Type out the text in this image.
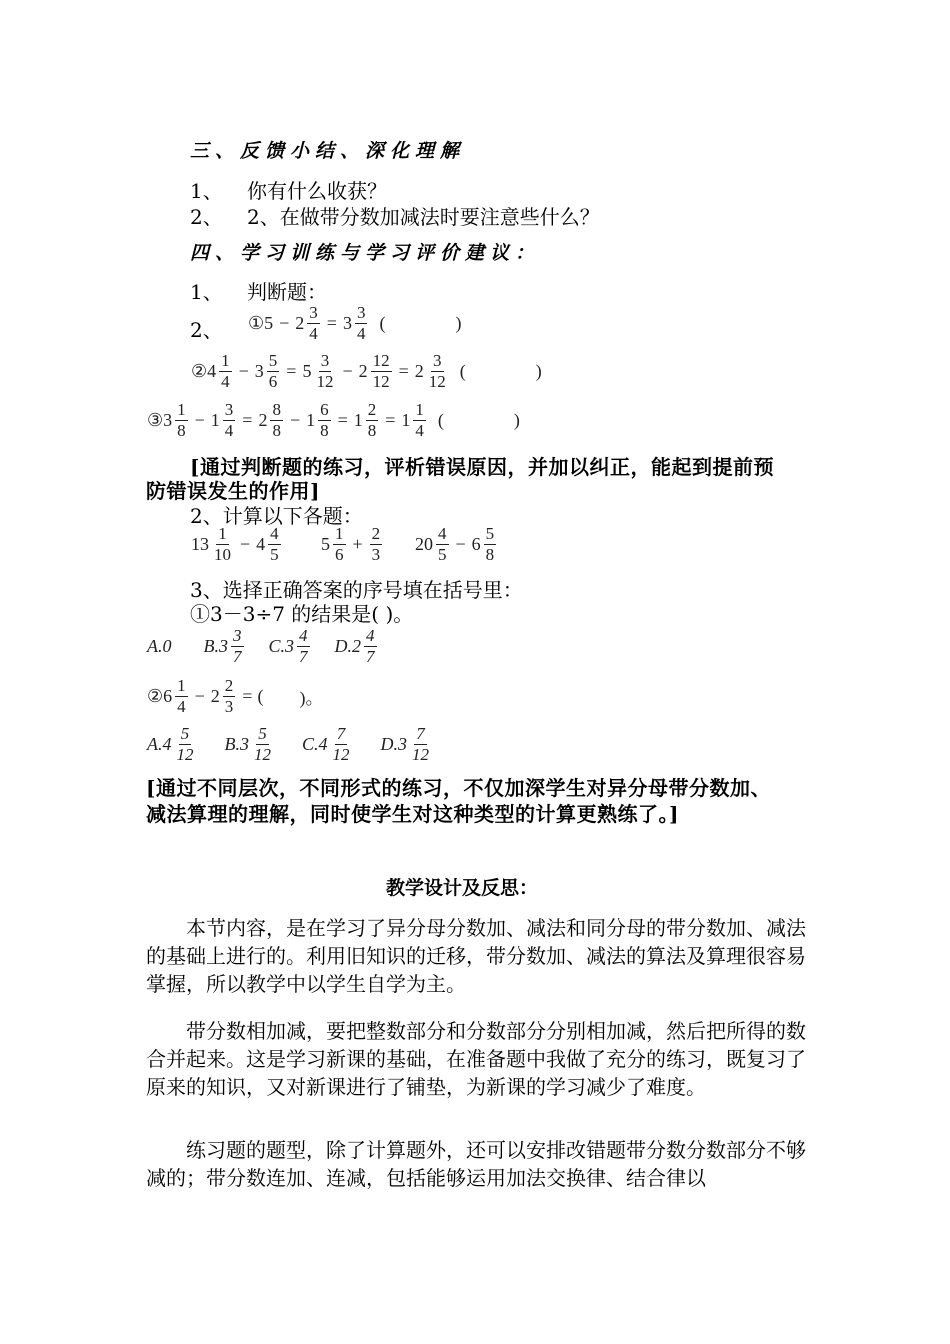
三、反馈小结、深化理解
1、 你有什么收获？
2、 2、在做带分数加减法时要注意些什么？
四、学习训练与学习评价建议：
1、 判断题：
2、 ①5 − $2 \frac{3}{4} = 3 \frac{3}{4}$ (	)
②4 $\frac{1}{4} - 3 \frac{5}{6} = 5 \frac{3}{12} - 2 \frac{12}{12} = 2 \frac{3}{12}$ (	)
③3 $\frac{1}{8} - 1 \frac{3}{4} = 2 \frac{8}{8} - 1 \frac{6}{8} = 1 \frac{2}{8} = 1 \frac{1}{4}$ (	)
[通过判断题的练习，评析错误原因，并加以纠正，能起到提前预
防错误发生的作用]
2、计算以下各题：
$13 \frac{1}{10} - 4 \frac{4}{5} 5 \frac{1}{6} + \frac{2}{3} 20 \frac{4}{5} - 6 \frac{5}{8}$
3、选择正确答案的序号填在括号里：
①3－3÷7 的结果是( )。
A.0 $B.3 \frac{3}{7} C.3 \frac{4}{7} D.2 \frac{4}{7}$
②6 $\frac{1}{4} - 2 \frac{2}{3}$ = ( )。
$A.4 \frac{5}{12} B.3 \frac{5}{12} C.4 \frac{7}{12} D.3 \frac{7}{12}$
[通过不同层次，不同形式的练习，不仅加深学生对异分母带分数加、
减法算理的理解，同时使学生对这种类型的计算更熟练了。]
教学设计及反思：
本节内容，是在学习了异分母分数加、减法和同分母的带分数加、减法的基础上进行的。利用旧知识的迁移，带分数加、减法的算法及算理很容易掌握，所以教学中以学生自学为主。
带分数相加减，要把整数部分和分数部分分别相加减，然后把所得的数合并起来。这是学习新课的基础，在准备题中我做了充分的练习，既复习了原来的知识，又对新课进行了铺垫，为新课的学习减少了难度。
练习题的题型，除了计算题外，还可以安排改错题带分数分数部分不够减的；带分数连加、连减，包括能够运用加法交换律、结合律以
